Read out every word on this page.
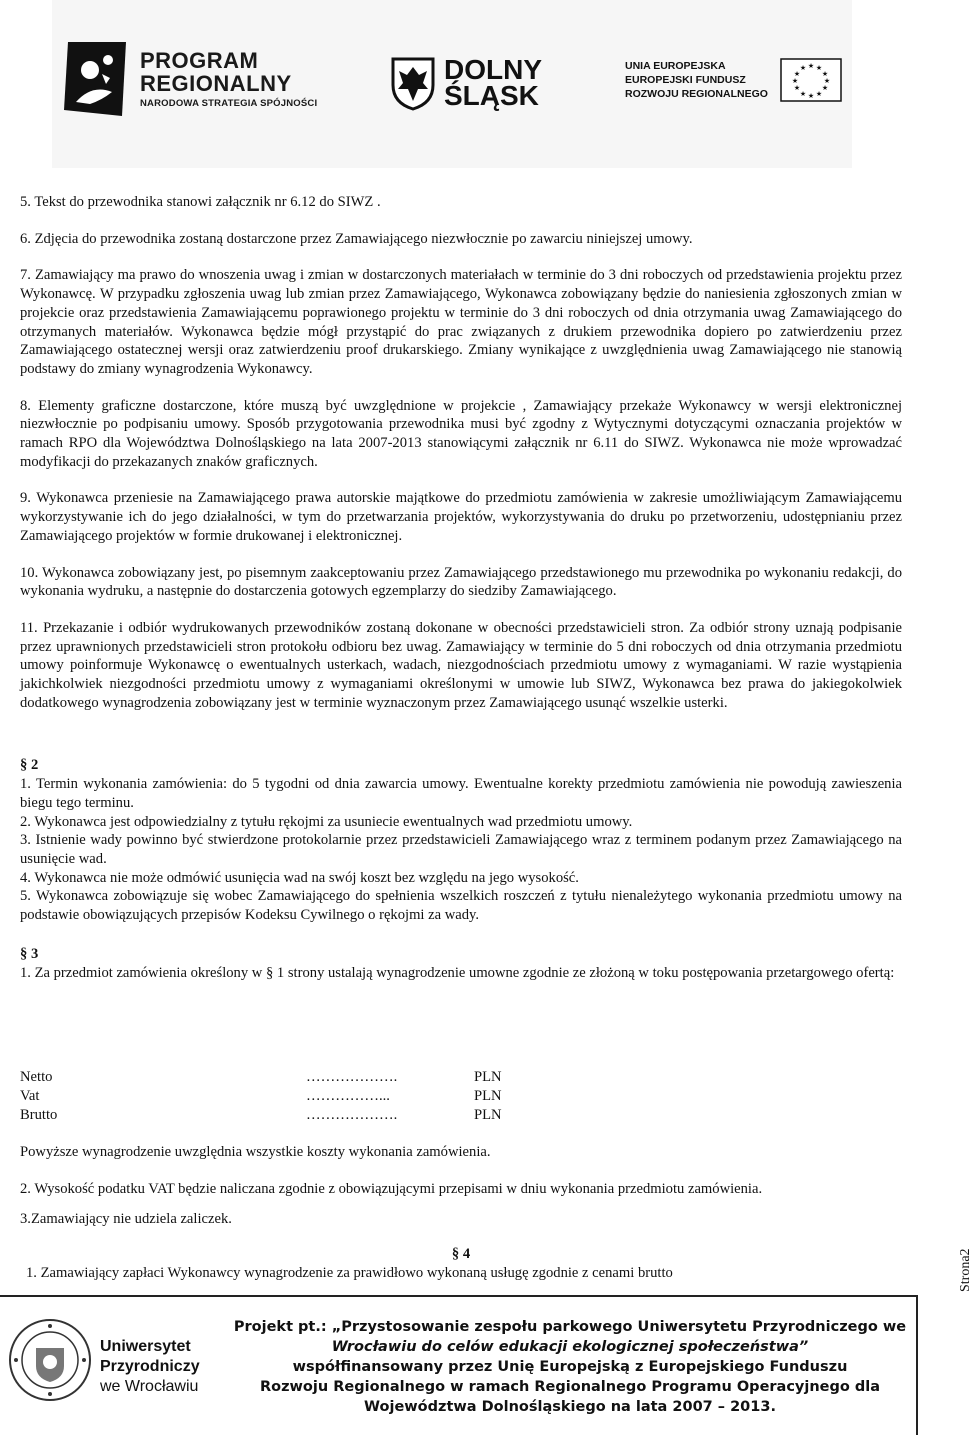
PROGRAM
REGIONALNY
NARODOWA STRATEGIA SPÓJNOŚCI
DOLNY
ŚLĄSK
UNIA EUROPEJSKA
EUROPEJSKI FUNDUSZ
ROZWOJU REGIONALNEGO
★ ★
★
★
★
★
★
★
★
★
★
★

5. Tekst do przewodnika stanowi załącznik nr 6.12 do SIWZ .

6. Zdjęcia do przewodnika zostaną dostarczone przez Zamawiającego niezwłocznie po zawarciu niniejszej umowy.

7. Zamawiający ma prawo do wnoszenia uwag i zmian w dostarczonych materiałach w terminie do 3 dni roboczych od przedstawienia projektu przez Wykonawcę. W przypadku zgłoszenia uwag lub zmian przez Zamawiającego, Wykonawca zobowiązany będzie do naniesienia zgłoszonych zmian w projekcie oraz przedstawienia Zamawiającemu poprawionego projektu w terminie do 3 dni roboczych od dnia otrzymania uwag Zamawiającego do otrzymanych materiałów. Wykonawca będzie mógł przystąpić do prac związanych z drukiem przewodnika dopiero po zatwierdzeniu przez Zamawiającego ostatecznej wersji oraz zatwierdzeniu proof drukarskiego. Zmiany wynikające z uwzględnienia uwag Zamawiającego nie stanowią podstawy do zmiany wynagrodzenia Wykonawcy.

8. Elementy graficzne dostarczone, które muszą być uwzględnione w projekcie , Zamawiający przekaże Wykonawcy w wersji elektronicznej niezwłocznie po podpisaniu umowy. Sposób przygotowania przewodnika musi być zgodny z Wytycznymi dotyczącymi oznaczania projektów w ramach RPO dla Województwa Dolnośląskiego na lata 2007-2013 stanowiącymi załącznik nr 6.11 do SIWZ. Wykonawca nie może wprowadzać modyfikacji do przekazanych znaków graficznych.

9. Wykonawca przeniesie na Zamawiającego prawa autorskie majątkowe do przedmiotu zamówienia w zakresie umożliwiającym Zamawiającemu wykorzystywanie ich do jego działalności, w tym do przetwarzania projektów, wykorzystywania do druku po przetworzeniu, udostępnianiu przez Zamawiającego projektów w formie drukowanej i elektronicznej.

10. Wykonawca zobowiązany jest, po pisemnym zaakceptowaniu przez Zamawiającego przedstawionego mu przewodnika po wykonaniu redakcji, do wykonania wydruku, a następnie do dostarczenia gotowych egzemplarzy do siedziby Zamawiającego.

11. Przekazanie i odbiór wydrukowanych przewodników zostaną dokonane w obecności przedstawicieli stron. Za odbiór strony uznają podpisanie przez uprawnionych przedstawicieli stron protokołu odbioru bez uwag. Zamawiający w terminie do 5 dni roboczych od dnia otrzymania przedmiotu umowy poinformuje Wykonawcę o ewentualnych usterkach, wadach, niezgodnościach przedmiotu umowy z wymaganiami. W razie wystąpienia jakichkolwiek niezgodności przedmiotu umowy z wymaganiami określonymi w umowie lub SIWZ, Wykonawca bez prawa do jakiegokolwiek dodatkowego wynagrodzenia zobowiązany jest w terminie wyznaczonym przez Zamawiającego usunąć wszelkie usterki.

§ 2

1. Termin wykonania zamówienia: do 5 tygodni od dnia zawarcia umowy. Ewentualne korekty przedmiotu zamówienia nie powodują zawieszenia biegu tego terminu.

2. Wykonawca jest odpowiedzialny z tytułu rękojmi za usuniecie ewentualnych wad przedmiotu umowy.

3. Istnienie wady powinno być stwierdzone protokolarnie przez przedstawicieli Zamawiającego wraz z terminem podanym przez Zamawiającego na usunięcie wad.

4. Wykonawca nie może odmówić usunięcia wad na swój koszt bez względu na jego wysokość.

5. Wykonawca zobowiązuje się wobec Zamawiającego do spełnienia wszelkich roszczeń z tytułu nienależytego wykonania przedmiotu umowy na podstawie obowiązujących przepisów Kodeksu Cywilnego o rękojmi za wady.

§ 3

1. Za przedmiot zamówienia określony w § 1 strony ustalają wynagrodzenie umowne zgodnie ze złożoną w toku postępowania przetargowego ofertą:

Netto	……………….	PLN
Vat	……………...	PLN
Brutto	……………….	PLN
Powyższe wynagrodzenie uwzględnia wszystkie koszty wykonania zamówienia.
2. Wysokość podatku VAT będzie naliczana zgodnie z obowiązującymi przepisami w dniu wykonania przedmiotu zamówienia.
3.Zamawiający nie udziela zaliczek.
§ 4
1. Zamawiający zapłaci Wykonawcy wynagrodzenie za prawidłowo wykonaną usługę zgodnie z cenami brutto	Strona2
Uniwersytet
Przyrodniczy
we Wrocławiu
Projekt pt.: „Przystosowanie zespołu parkowego Uniwersytetu Przyrodniczego we
Wrocławiu do celów edukacji ekologicznej społeczeństwa”
współfinansowany przez Unię Europejską z Europejskiego Funduszu
Rozwoju Regionalnego w ramach Regionalnego Programu Operacyjnego dla
Województwa Dolnośląskiego na lata 2007 – 2013.
